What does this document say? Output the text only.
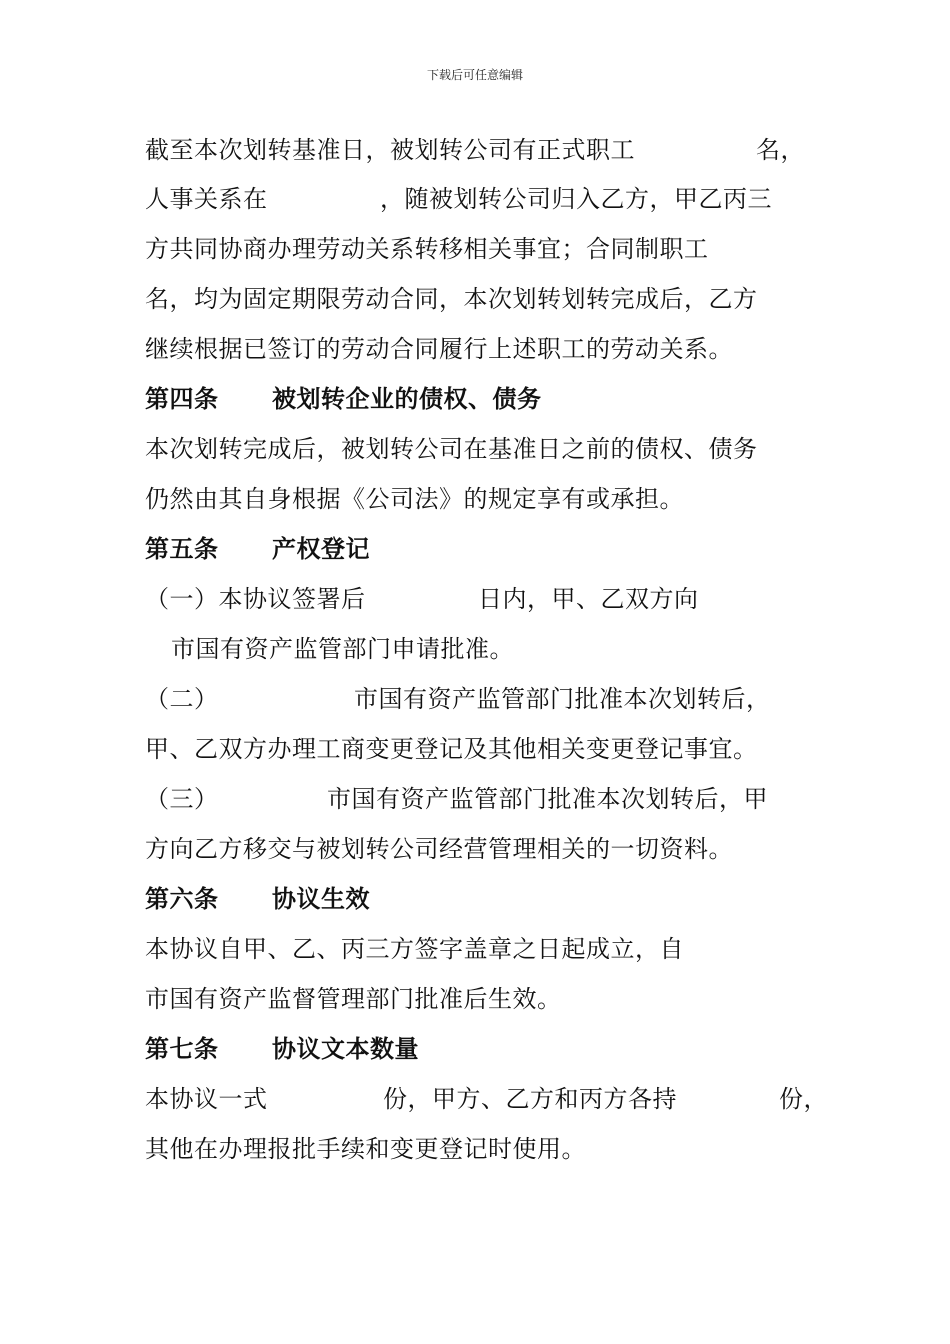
下载后可任意编辑
截至本次划转基准日，被划转公司有正式职工	名，
人事关系在	，随被划转公司归入乙方，甲乙丙三
方共同协商办理劳动关系转移相关事宜；合同制职工
名，均为固定期限劳动合同，本次划转划转完成后，乙方
继续根据已签订的劳动合同履行上述职工的劳动关系。
第四条 被划转企业的债权、债务
本次划转完成后，被划转公司在基准日之前的债权、债务
仍然由其自身根据《公司法》的规定享有或承担。
第五条 产权登记
（一）本协议签署后	日内，甲、乙双方向
市国有资产监管部门申请批准。
（二）	市国有资产监管部门批准本次划转后，
甲、乙双方办理工商变更登记及其他相关变更登记事宜。
（三）	市国有资产监管部门批准本次划转后，甲
方向乙方移交与被划转公司经营管理相关的一切资料。
第六条 协议生效
本协议自甲、乙、丙三方签字盖章之日起成立，自
市国有资产监督管理部门批准后生效。
第七条 协议文本数量
本协议一式	份，甲方、乙方和丙方各持	份，
其他在办理报批手续和变更登记时使用。
